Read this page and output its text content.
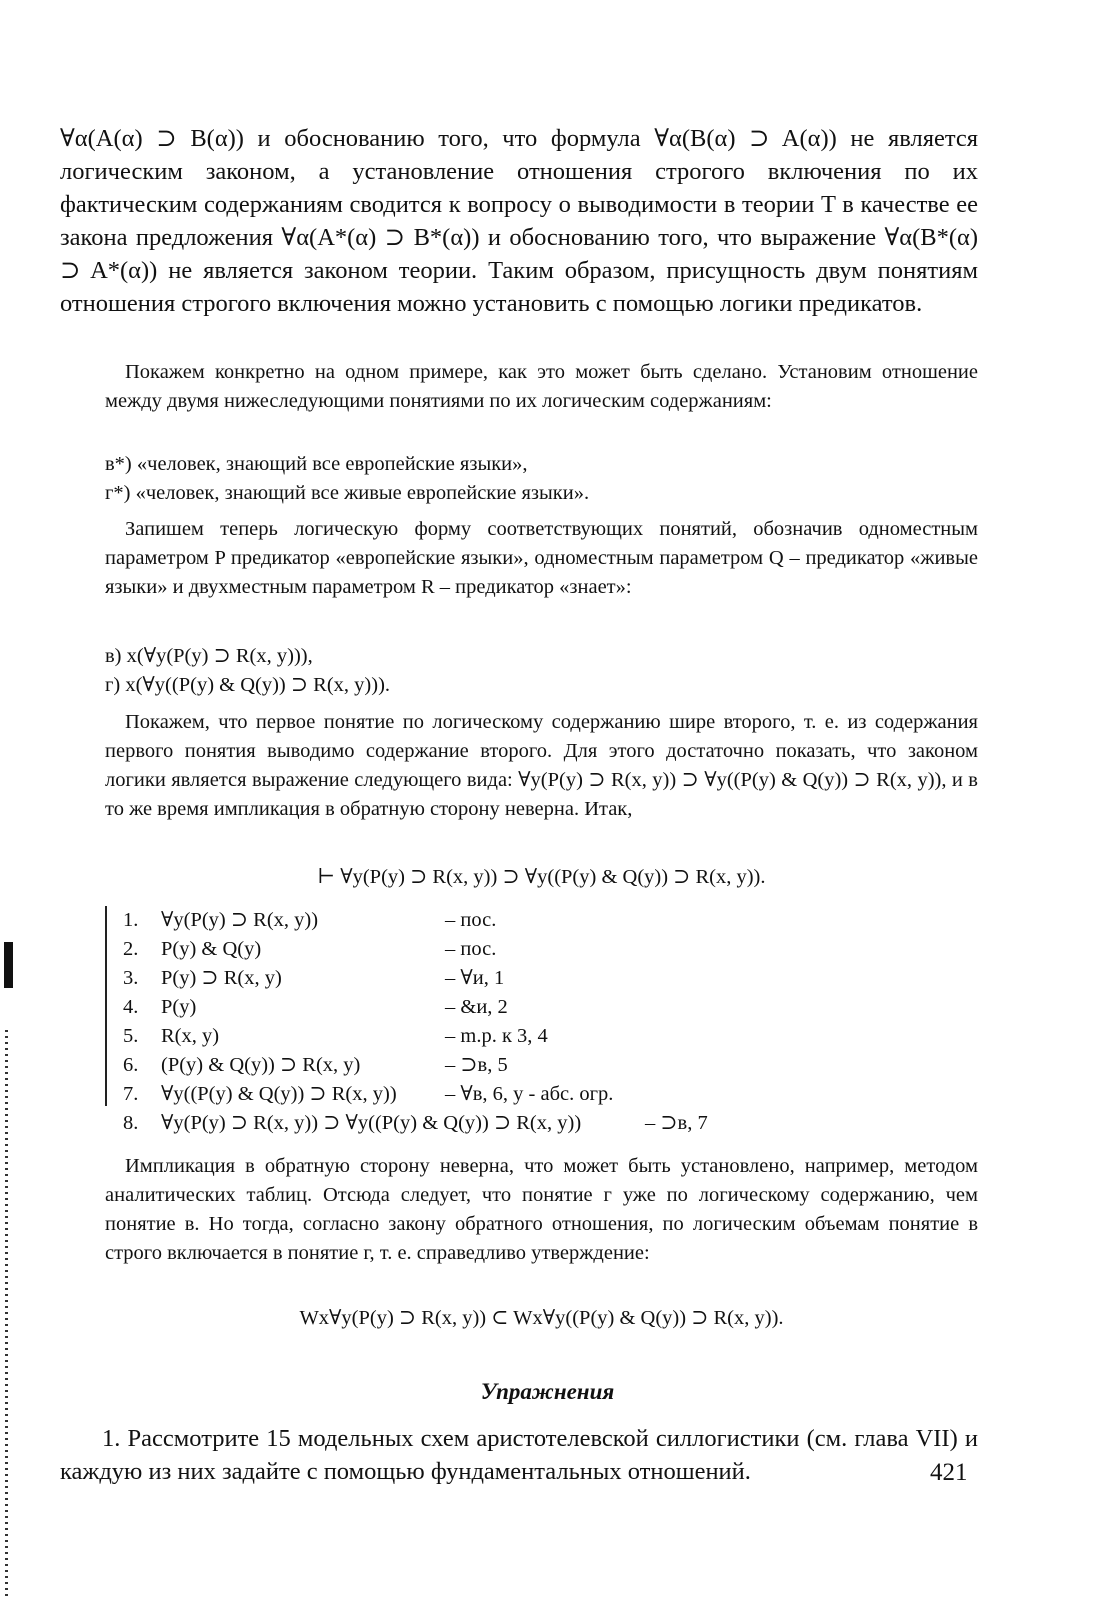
∀α(A(α) ⊃ B(α)) и обоснованию того, что формула ∀α(B(α) ⊃ A(α)) не является логическим законом, а установление отношения строгого включения по их фактическим содержаниям сводится к вопросу о выводимости в теории T в качестве ее закона предложения ∀α(A*(α) ⊃ B*(α)) и обоснованию того, что выражение ∀α(B*(α) ⊃ A*(α)) не является законом теории. Таким образом, присущность двум понятиям отношения строгого включения можно установить с помощью логики предикатов.

Покажем конкретно на одном примере, как это может быть сделано. Установим отношение между двумя нижеследующими понятиями по их логическим содержаниям:

в*) «человек, знающий все европейские языки»,
г*) «человек, знающий все живые европейские языки».

Запишем теперь логическую форму соответствующих понятий, обозначив одноместным параметром P предикатор «европейские языки», одноместным параметром Q – предикатор «живые языки» и двухместным параметром R – предикатор «знает»:

в) x(∀y(P(y) ⊃ R(x, y))),
г) x(∀y((P(y) & Q(y)) ⊃ R(x, y))).

Покажем, что первое понятие по логическому содержанию шире второго, т. е. из содержания первого понятия выводимо содержание второго. Для этого достаточно показать, что законом логики является выражение следующего вида: ∀y(P(y) ⊃ R(x, y)) ⊃ ∀y((P(y) & Q(y)) ⊃ R(x, y)), и в то же время импликация в обратную сторону неверна. Итак,

⊢ ∀y(P(y) ⊃ R(x, y)) ⊃ ∀y((P(y) & Q(y)) ⊃ R(x, y)).
1. ∀y(P(y) ⊃ R(x, y))	– пос.
2. P(y) & Q(y)	– пос.
3. P(y) ⊃ R(x, y)	– ∀и, 1
4. P(y)	– &и, 2
5. R(x, y)	– m.p. к 3, 4
6. (P(y) & Q(y)) ⊃ R(x, y)	– ⊃в, 5
7. ∀y((P(y) & Q(y)) ⊃ R(x, y)) – ∀в, 6, y - абс. огр.
8. ∀y(P(y) ⊃ R(x, y)) ⊃ ∀y((P(y) & Q(y)) ⊃ R(x, y))	– ⊃в, 7

Импликация в обратную сторону неверна, что может быть установлено, например, методом аналитических таблиц. Отсюда следует, что понятие г уже по логическому содержанию, чем понятие в. Но тогда, согласно закону обратного отношения, по логическим объемам понятие в строго включается в понятие г, т. е. справедливо утверждение:

Wx∀y(P(y) ⊃ R(x, y)) ⊂ Wx∀y((P(y) & Q(y)) ⊃ R(x, y)).
Упражнения

1. Рассмотрите 15 модельных схем аристотелевской силлогистики (см. глава VII) и каждую из них задайте с помощью фундаментальных отношений.	421
